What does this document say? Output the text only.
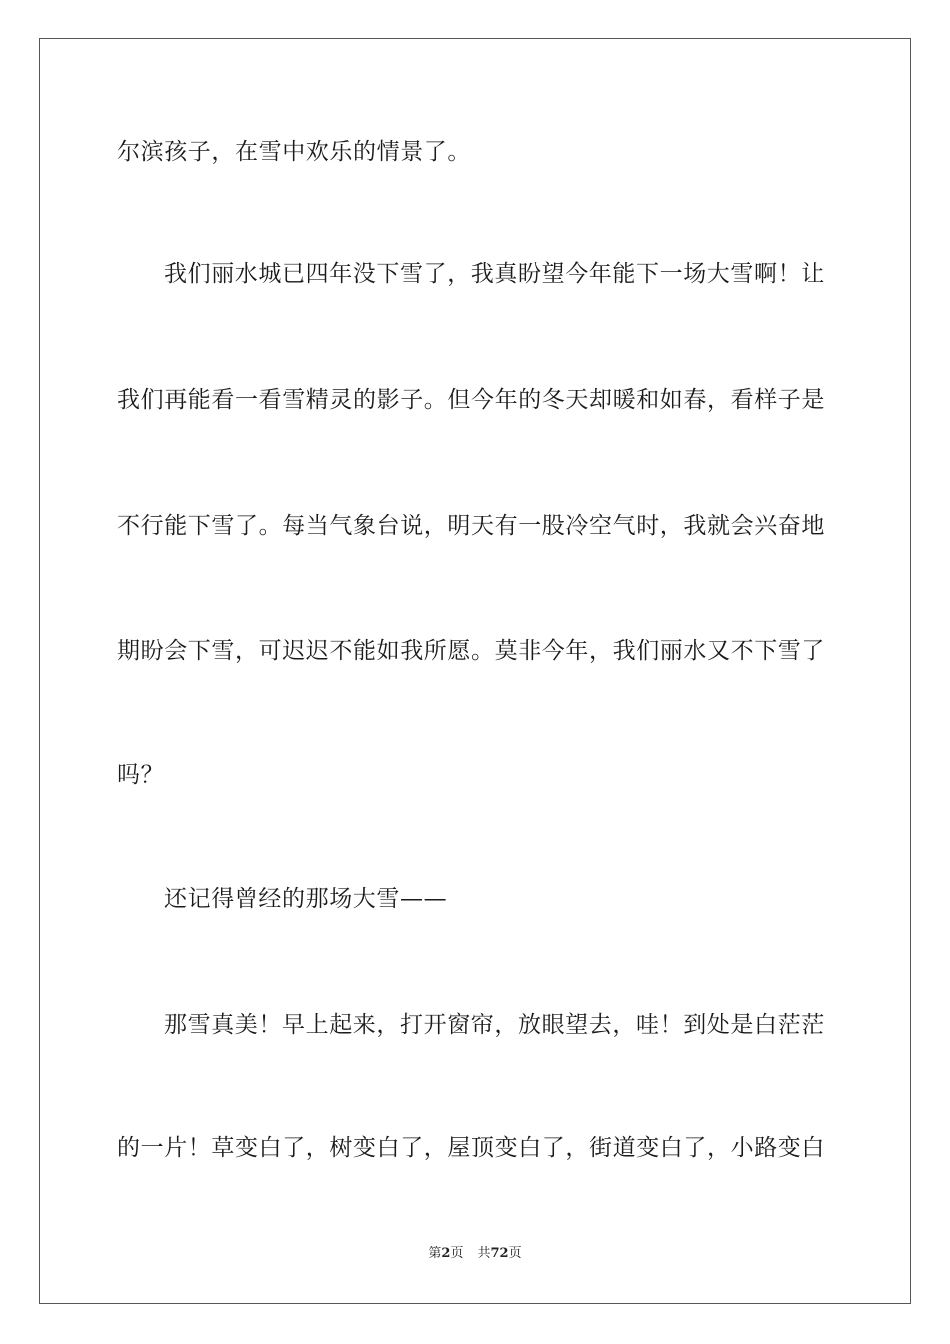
尔滨孩子，在雪中欢乐的情景了。
我们丽水城已四年没下雪了，我真盼望今年能下一场大雪啊！让
我们再能看一看雪精灵的影子。但今年的冬天却暖和如春，看样子是
不行能下雪了。每当气象台说，明天有一股冷空气时，我就会兴奋地
期盼会下雪，可迟迟不能如我所愿。莫非今年，我们丽水又不下雪了
吗？
还记得曾经的那场大雪——
那雪真美！早上起来，打开窗帘，放眼望去，哇！到处是白茫茫
的一片！草变白了，树变白了，屋顶变白了，街道变白了，小路变白
第2页 共72页
